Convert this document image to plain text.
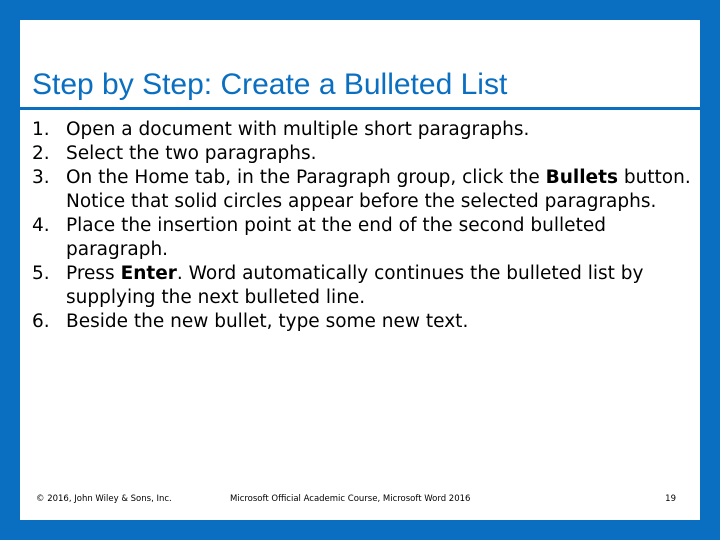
Step by Step: Create a Bulleted List
1. Open a document with multiple short paragraphs.
2. Select the two paragraphs.
3. On the Home tab, in the Paragraph group, click the Bullets button. Notice that solid circles appear before the selected paragraphs.
4. Place the insertion point at the end of the second bulleted paragraph.
5. Press Enter. Word automatically continues the bulleted list by supplying the next bulleted line.
6. Beside the new bullet, type some new text.
© 2016, John Wiley & Sons, Inc.	Microsoft Official Academic Course, Microsoft Word 2016	19
